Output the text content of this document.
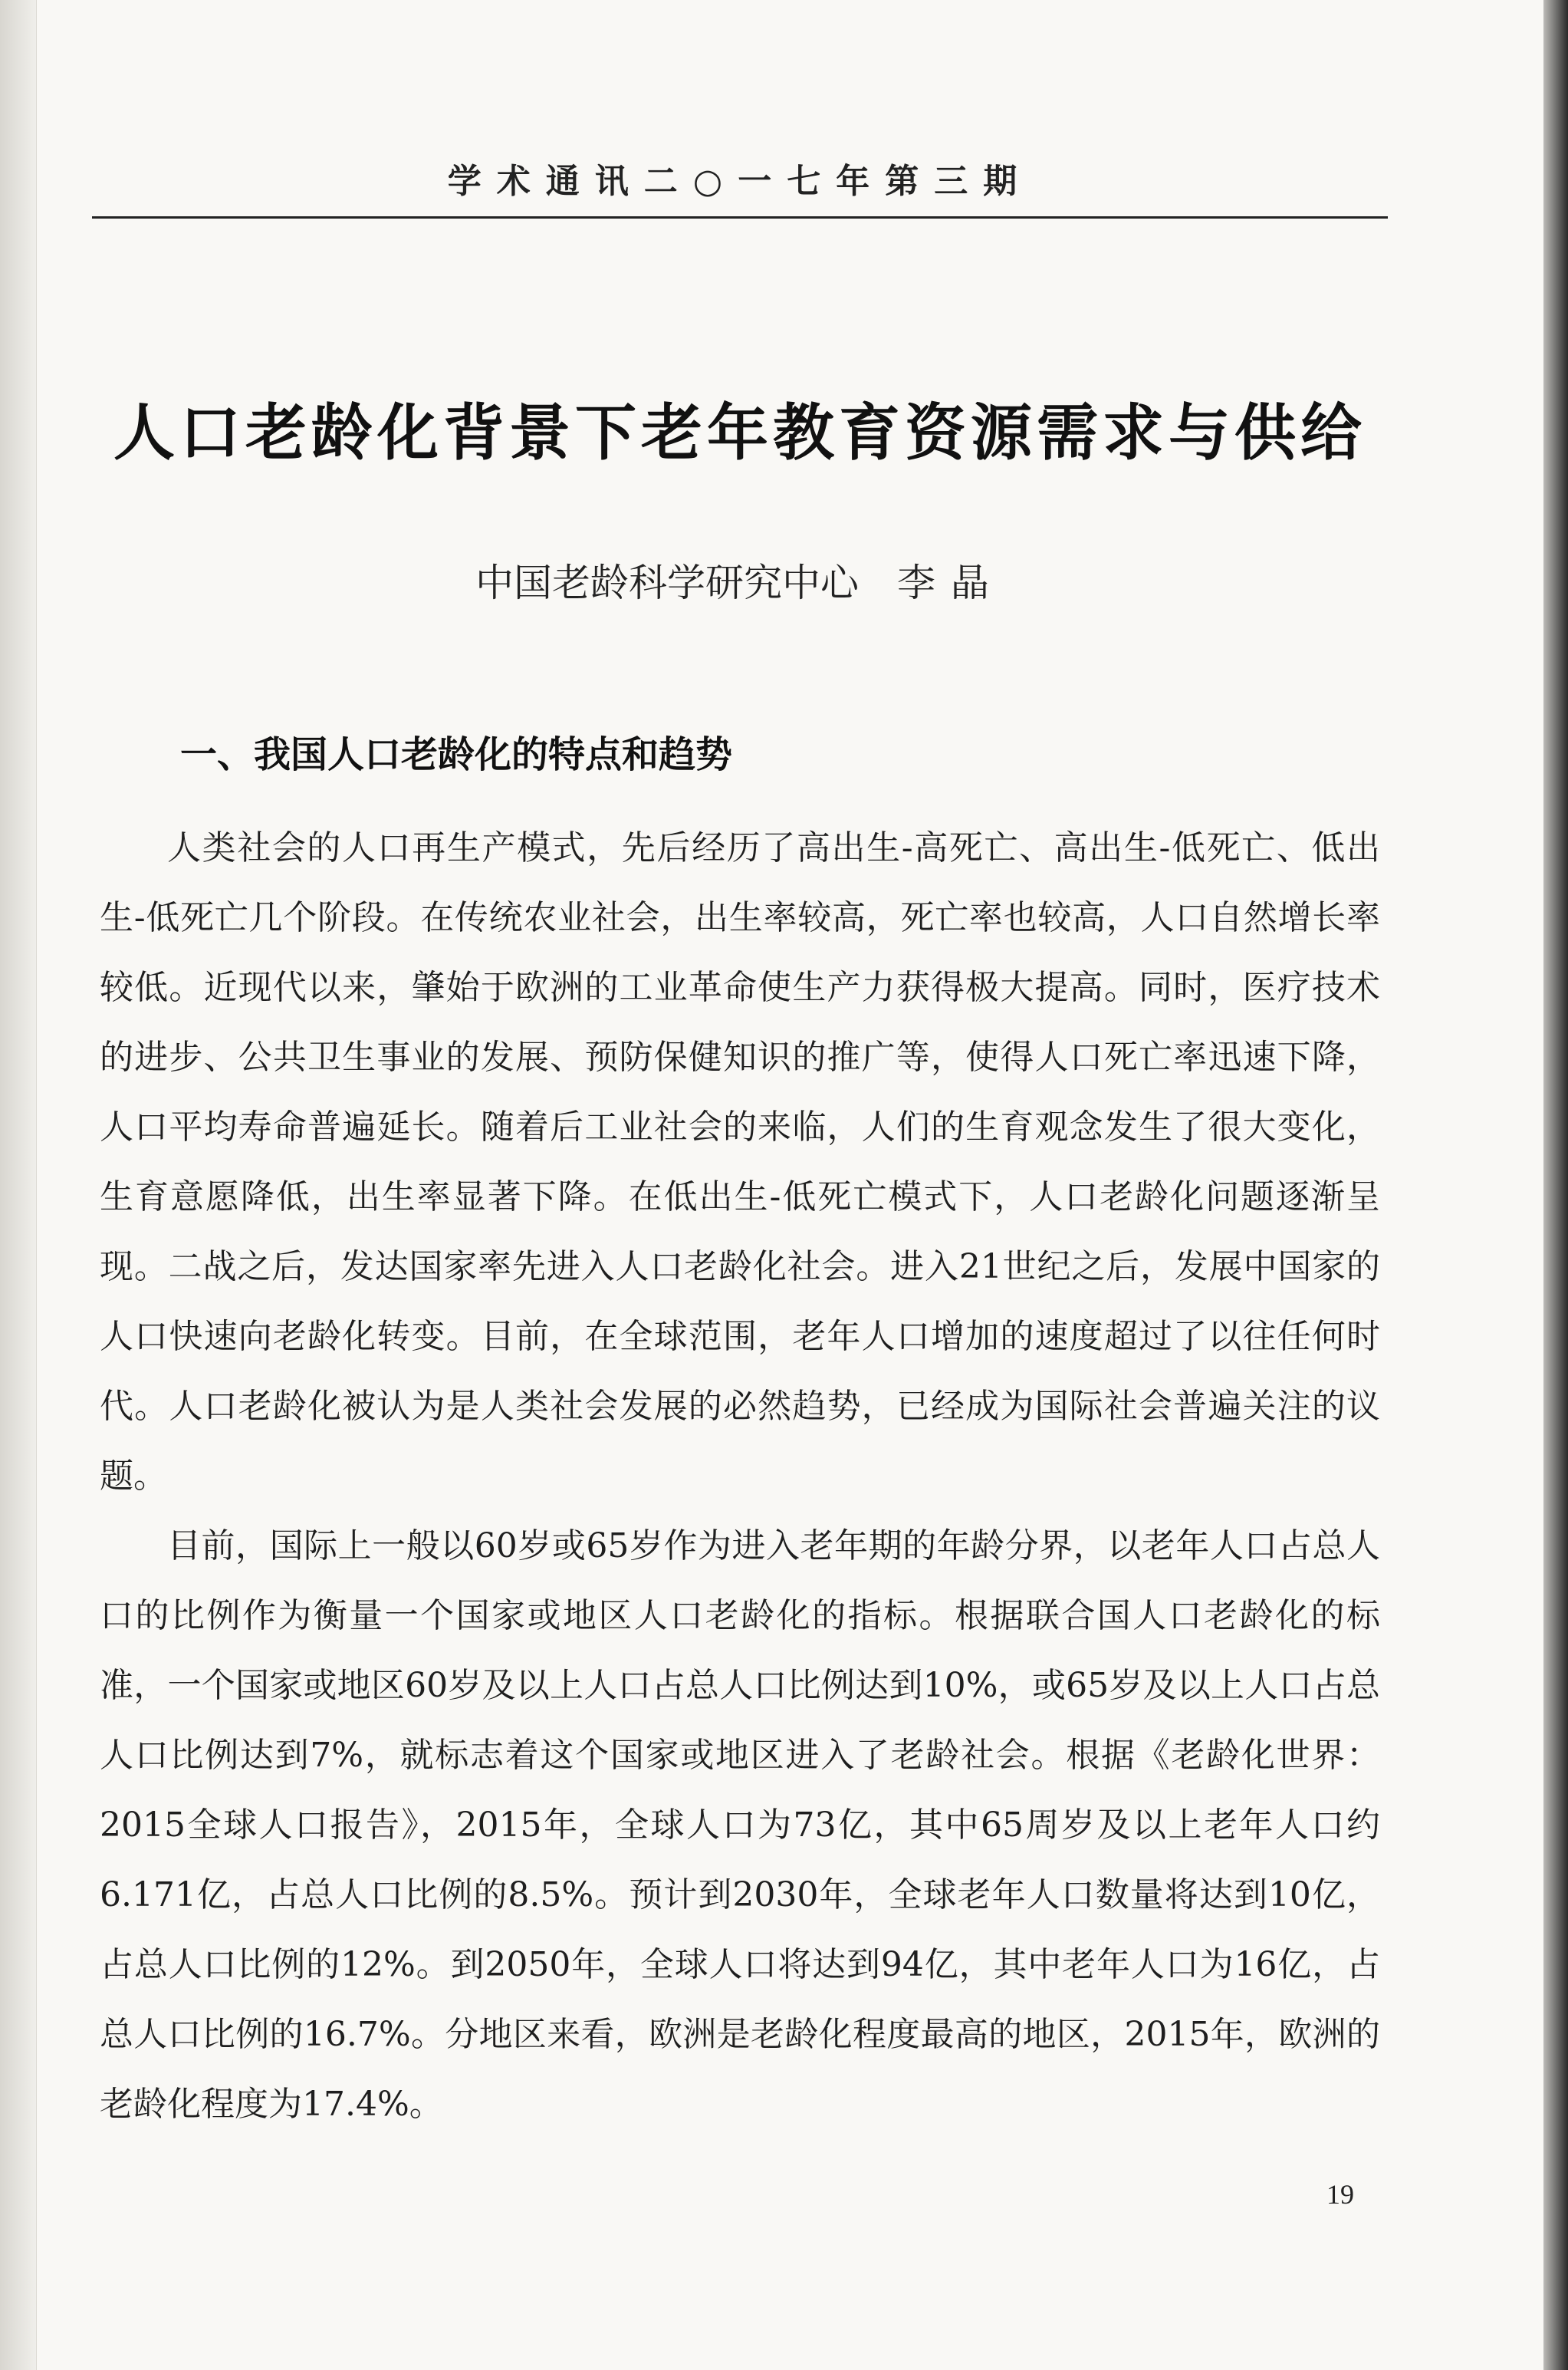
学术通讯二○一七年第三期
人口老龄化背景下老年教育资源需求与供给
中国老龄科学研究中心 李晶
一、我国人口老龄化的特点和趋势

人类社会的人口再生产模式，先后经历了高出生-高死亡、高出生-低死亡、低出生-低死亡几个阶段。在传统农业社会，出生率较高，死亡率也较高，人口自然增长率较低。近现代以来，肇始于欧洲的工业革命使生产力获得极大提高。同时，医疗技术的进步、公共卫生事业的发展、预防保健知识的推广等，使得人口死亡率迅速下降，人口平均寿命普遍延长。随着后工业社会的来临，人们的生育观念发生了很大变化，生育意愿降低，出生率显著下降。在低出生-低死亡模式下，人口老龄化问题逐渐呈现。二战之后，发达国家率先进入人口老龄化社会。进入21世纪之后，发展中国家的人口快速向老龄化转变。目前，在全球范围，老年人口增加的速度超过了以往任何时代。人口老龄化被认为是人类社会发展的必然趋势，已经成为国际社会普遍关注的议题。

目前，国际上一般以60岁或65岁作为进入老年期的年龄分界，以老年人口占总人口的比例作为衡量一个国家或地区人口老龄化的指标。根据联合国人口老龄化的标准，一个国家或地区60岁及以上人口占总人口比例达到10%，或65岁及以上人口占总人口比例达到7%，就标志着这个国家或地区进入了老龄社会。根据《老龄化世界：2015全球人口报告》，2015年，全球人口为73亿，其中65周岁及以上老年人口约6.171亿，占总人口比例的8.5%。预计到2030年，全球老年人口数量将达到10亿，占总人口比例的12%。到2050年，全球人口将达到94亿，其中老年人口为16亿，占总人口比例的16.7%。分地区来看，欧洲是老龄化程度最高的地区，2015年，欧洲的老龄化程度为17.4%。

19
